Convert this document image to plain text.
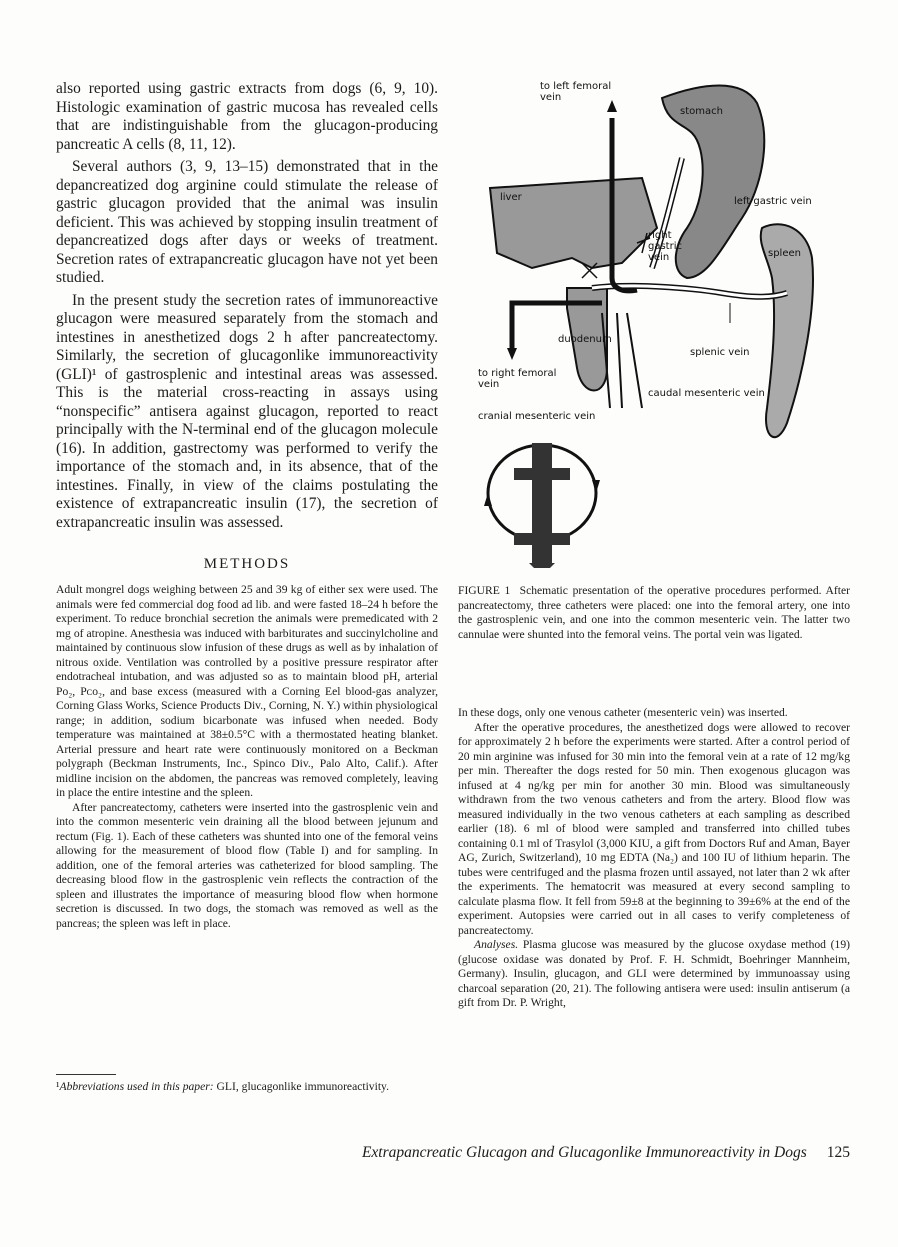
also reported using gastric extracts from dogs (6, 9, 10). Histologic examination of gastric mucosa has revealed cells that are indistinguishable from the glucagon-producing pancreatic A cells (8, 11, 12).

Several authors (3, 9, 13–15) demonstrated that in the depancreatized dog arginine could stimulate the release of gastric glucagon provided that the animal was insulin deficient. This was achieved by stopping insulin treatment of depancreatized dogs after days or weeks of treatment. Secretion rates of extrapancreatic glucagon have not yet been studied.

In the present study the secretion rates of immunoreactive glucagon were measured separately from the stomach and intestines in anesthetized dogs 2 h after pancreatectomy. Similarly, the secretion of glucagonlike immunoreactivity (GLI)¹ of gastrosplenic and intestinal areas was assessed. This is the material cross-reacting in assays using “nonspecific” antisera against glucagon, reported to react principally with the N-terminal end of the glucagon molecule (16). In addition, gastrectomy was performed to verify the importance of the stomach and, in its absence, that of the intestines. Finally, in view of the claims postulating the existence of extrapancreatic insulin (17), the secretion of extrapancreatic insulin was assessed.

METHODS

Adult mongrel dogs weighing between 25 and 39 kg of either sex were used. The animals were fed commercial dog food ad lib. and were fasted 18–24 h before the experiment. To reduce bronchial secretion the animals were premedicated with 2 mg of atropine. Anesthesia was induced with barbiturates and succinylcholine and maintained by continuous slow infusion of these drugs as well as by inhalation of nitrous oxide. Ventilation was controlled by a positive pressure respirator after endotracheal intubation, and was adjusted so as to maintain blood pH, arterial Pᴏ₂, Pᴄᴏ₂, and base excess (measured with a Corning Eel blood-gas analyzer, Corning Glass Works, Science Products Div., Corning, N. Y.) within physiological range; in addition, sodium bicarbonate was infused when needed. Body temperature was maintained at 38±0.5°C with a thermostated heating blanket. Arterial pressure and heart rate were continuously monitored on a Beckman polygraph (Beckman Instruments, Inc., Spinco Div., Palo Alto, Calif.). After midline incision on the abdomen, the pancreas was removed completely, leaving in place the entire intestine and the spleen.

After pancreatectomy, catheters were inserted into the gastrosplenic vein and into the common mesenteric vein draining all the blood between jejunum and rectum (Fig. 1). Each of these catheters was shunted into one of the femoral veins allowing for the measurement of blood flow (Table I) and for sampling. In addition, one of the femoral arteries was catheterized for blood sampling. The decreasing blood flow in the gastrosplenic vein reflects the contraction of the spleen and illustrates the importance of measuring blood flow when hormone secretion is discussed. In two dogs, the stomach was removed as well as the pancreas; the spleen was left in place.

¹Abbreviations used in this paper: GLI, glucagonlike immunoreactivity.

to left femoral vein
stomach
liver	left gastric vein
right gastric vein	spleen
duodenum
splenic vein
to right femoral vein
caudal mesenteric vein
cranial mesenteric vein

FIGURE 1 Schematic presentation of the operative procedures performed. After pancreatectomy, three catheters were placed: one into the femoral artery, one into the gastrosplenic vein, and one into the common mesenteric vein. The latter two cannulae were shunted into the femoral veins. The portal vein was ligated.

In these dogs, only one venous catheter (mesenteric vein) was inserted.

After the operative procedures, the anesthetized dogs were allowed to recover for approximately 2 h before the experiments were started. After a control period of 20 min arginine was infused for 30 min into the femoral vein at a rate of 12 mg/kg per min. Thereafter the dogs rested for 50 min. Then exogenous glucagon was infused at 4 ng/kg per min for another 30 min. Blood was simultaneously withdrawn from the two venous catheters and from the artery. Blood flow was measured individually in the two venous catheters at each sampling as described earlier (18). 6 ml of blood were sampled and transferred into chilled tubes containing 0.1 ml of Trasylol (3,000 KIU, a gift from Doctors Ruf and Aman, Bayer AG, Zurich, Switzerland), 10 mg EDTA (Na₂) and 100 IU of lithium heparin. The tubes were centrifuged and the plasma frozen until assayed, not later than 2 wk after the experiments. The hematocrit was measured at every second sampling to calculate plasma flow. It fell from 59±8 at the beginning to 39±6% at the end of the experiment. Autopsies were carried out in all cases to verify completeness of pancreatectomy.

Analyses. Plasma glucose was measured by the glucose oxydase method (19) (glucose oxidase was donated by Prof. F. H. Schmidt, Boehringer Mannheim, Germany). Insulin, glucagon, and GLI were determined by immunoassay using charcoal separation (20, 21). The following antisera were used: insulin antiserum (a gift from Dr. P. Wright,

Extrapancreatic Glucagon and Glucagonlike Immunoreactivity in Dogs 125
